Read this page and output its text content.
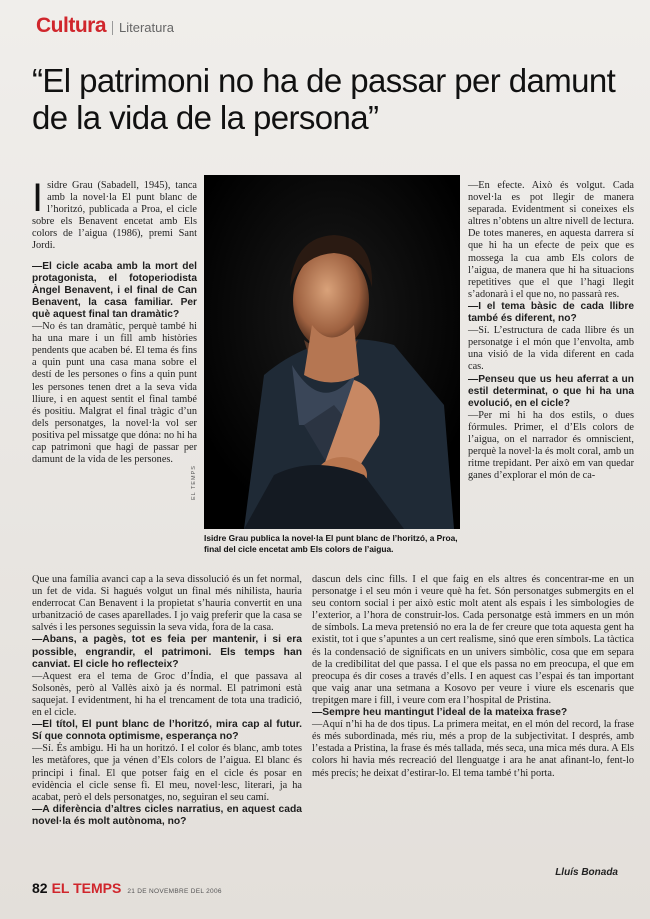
Cultura	Literatura
“El patrimoni no ha de passar per damunt de la vida de la persona”

Isidre Grau (Sabadell, 1945), tanca amb la novel·la El punt blanc de l’horitzó, publicada a Proa, el cicle sobre els Benavent encetat amb Els colors de l’aigua (1986), premi Sant Jordi.

—El cicle acaba amb la mort del protagonista, el fotoperiodista Àngel Benavent, i el final de Can Benavent, la casa familiar. Per què aquest final tan dramàtic?

—No és tan dramàtic, perquè també hi ha una mare i un fill amb històries pendents que acaben bé. El tema és fins a quin punt una casa mana sobre el destí de les persones o fins a quin punt les persones tenen dret a la seva vida lliure, i en aquest sentit el final també és positiu. Malgrat el final tràgic d’un dels personatges, la novel·la vol ser positiva pel missatge que dóna: no hi ha cap patrimoni que hagi de passar per damunt de la vida de les persones.

EL TEMPS
Isidre Grau publica la novel·la El punt blanc de l’horitzó, a Proa, final del cicle encetat amb Els colors de l’aigua.

—En efecte. Això és volgut. Cada novel·la es pot llegir de manera separada. Evidentment si coneixes els altres n’obtens un altre nivell de lectura. De totes maneres, en aquesta darrera sí que hi ha un efecte de peix que es mossega la cua amb Els colors de l’aigua, de manera que hi ha situacions repetitives que el que l’hagi llegit s’adonarà i el que no, no passarà res.

—I el tema bàsic de cada llibre també és diferent, no?

—Sí. L’estructura de cada llibre és un personatge i el món que l’envolta, amb una visió de la vida diferent en cada cas.

—Penseu que us heu aferrat a un estil determinat, o que hi ha una evolució, en el cicle?

—Per mi hi ha dos estils, o dues fórmules. Primer, el d’Els colors de l’aigua, on el narrador és omniscient, perquè la novel·la és molt coral, amb un ritme trepidant. Per això em van quedar ganes d’explorar el món de ca-

Que una família avanci cap a la seva dissolució és un fet normal, un fet de vida. Si hagués volgut un final més nihilista, hauria enderrocat Can Benavent i la propietat s’hauria convertit en una urbanització de cases aparellades. I jo vaig preferir que la casa se salvés i les persones seguissin la seva vida, fora de la casa.

—Abans, a pagès, tot es feia per mantenir, i si era possible, engrandir, el patrimoni. Els temps han canviat. El cicle ho reflecteix?

—Aquest era el tema de Groc d’Índia, el que passava al Solsonès, però al Vallès això ja és normal. El patrimoni està saquejat. I evidentment, hi ha el trencament de tota una tradició, en el cicle.

—El títol, El punt blanc de l’horitzó, mira cap al futur. Sí que connota optimisme, esperança no?

—Sí. És ambigu. Hi ha un horitzó. I el color és blanc, amb totes les metàfores, que ja vénen d’Els colors de l’aigua. El blanc és principi i final. El que potser faig en el cicle és posar en evidència el cicle sense fi. El meu, novel·lesc, literari, ja ha acabat, però el dels personatges, no, seguiran el seu camí.

—A diferència d’altres cicles narratius, en aquest cada novel·la és molt autònoma, no?

dascun dels cinc fills. I el que faig en els altres és concentrar-me en un personatge i el seu món i veure què ha fet. Són personatges submergits en el seu contorn social i per això estic molt atent als espais i les simbologies de l’exterior, a l’hora de construir-los. Cada personatge està immers en un món de símbols. La meva pretensió no era la de fer creure que tota aquesta gent ha existit, tot i que s’apuntes a un cert realisme, sinó que eren símbols. La tàctica és la condensació de significats en un univers simbòlic, cosa que em separa de la credibilitat del que passa. I el que els passa no em preocupa, el que em preocupa és dir coses a través d’ells. I en aquest cas l’espai és tan important que vaig anar una setmana a Kosovo per veure i viure els escenaris que trepitgen mare i fill, i veure com era l’hospital de Pristina.

—Sempre heu mantingut l’ideal de la mateixa frase?

—Aquí n’hi ha de dos tipus. La primera meitat, en el món del record, la frase és més subordinada, més riu, més a prop de la subjectivitat. I després, amb l’estada a Pristina, la frase és més tallada, més seca, una mica més dura. A Els colors hi havia més recreació del llenguatge i ara he anat afinant-lo, fent-lo més precís; he deixat d’estirar-lo. El tema també t’hi porta.

Lluís Bonada
82 EL TEMPS 21 DE NOVEMBRE DEL 2006
